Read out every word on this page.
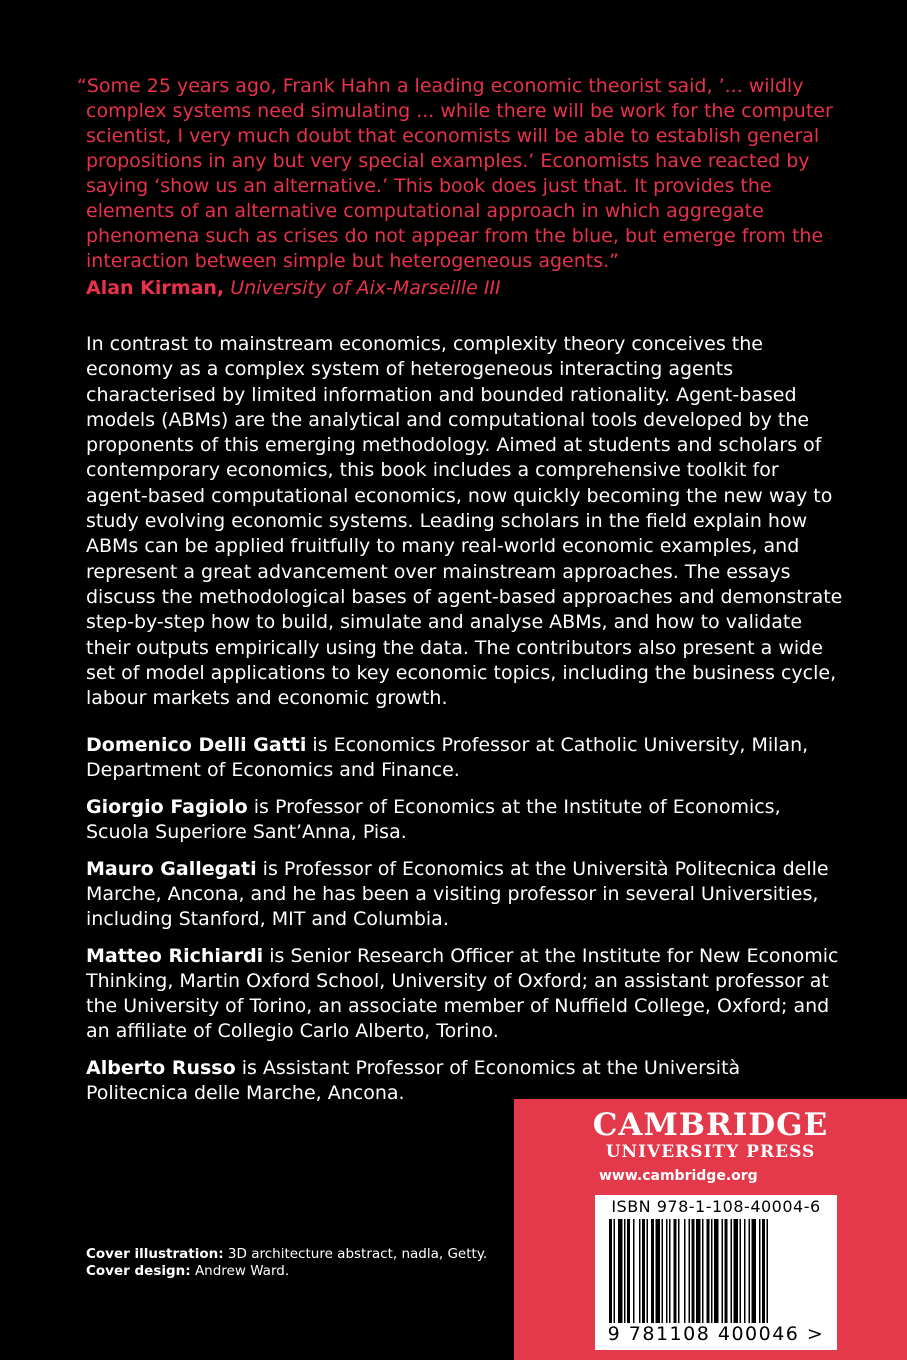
“Some 25 years ago, Frank Hahn a leading economic theorist said, ’... wildly complex systems need simulating ... while there will be work for the computer scientist, I very much doubt that economists will be able to establish general propositions in any but very special examples.’ Economists have reacted by saying ‘show us an alternative.’ This book does just that. It provides the elements of an alternative computational approach in which aggregate phenomena such as crises do not appear from the blue, but emerge from the interaction between simple but heterogeneous agents.”

Alan Kirman, University of Aix-Marseille III

In contrast to mainstream economics, complexity theory conceives the economy as a complex system of heterogeneous interacting agents characterised by limited information and bounded rationality. Agent-based models (ABMs) are the analytical and computational tools developed by the proponents of this emerging methodology. Aimed at students and scholars of contemporary economics, this book includes a comprehensive toolkit for agent-based computational economics, now quickly becoming the new way to study evolving economic systems. Leading scholars in the field explain how ABMs can be applied fruitfully to many real-world economic examples, and represent a great advancement over mainstream approaches. The essays discuss the methodological bases of agent-based approaches and demonstrate step-by-step how to build, simulate and analyse ABMs, and how to validate their outputs empirically using the data. The contributors also present a wide set of model applications to key economic topics, including the business cycle, labour markets and economic growth.

Domenico Delli Gatti is Economics Professor at Catholic University, Milan, Department of Economics and Finance.

Giorgio Fagiolo is Professor of Economics at the Institute of Economics, Scuola Superiore Sant’Anna, Pisa.

Mauro Gallegati is Professor of Economics at the Università Politecnica delle Marche, Ancona, and he has been a visiting professor in several Universities, including Stanford, MIT and Columbia.

Matteo Richiardi is Senior Research Officer at the Institute for New Economic Thinking, Martin Oxford School, University of Oxford; an assistant professor at the University of Torino, an associate member of Nuffield College, Oxford; and an affiliate of Collegio Carlo Alberto, Torino.

Alberto Russo is Assistant Professor of Economics at the Università Politecnica delle Marche, Ancona.

Cover illustration: 3D architecture abstract, nadla, Getty.
Cover design: Andrew Ward.
CAMBRIDGE
UNIVERSITY PRESS
www.cambridge.org
ISBN 978-1-108-40004-6
9 781108 400046 >
